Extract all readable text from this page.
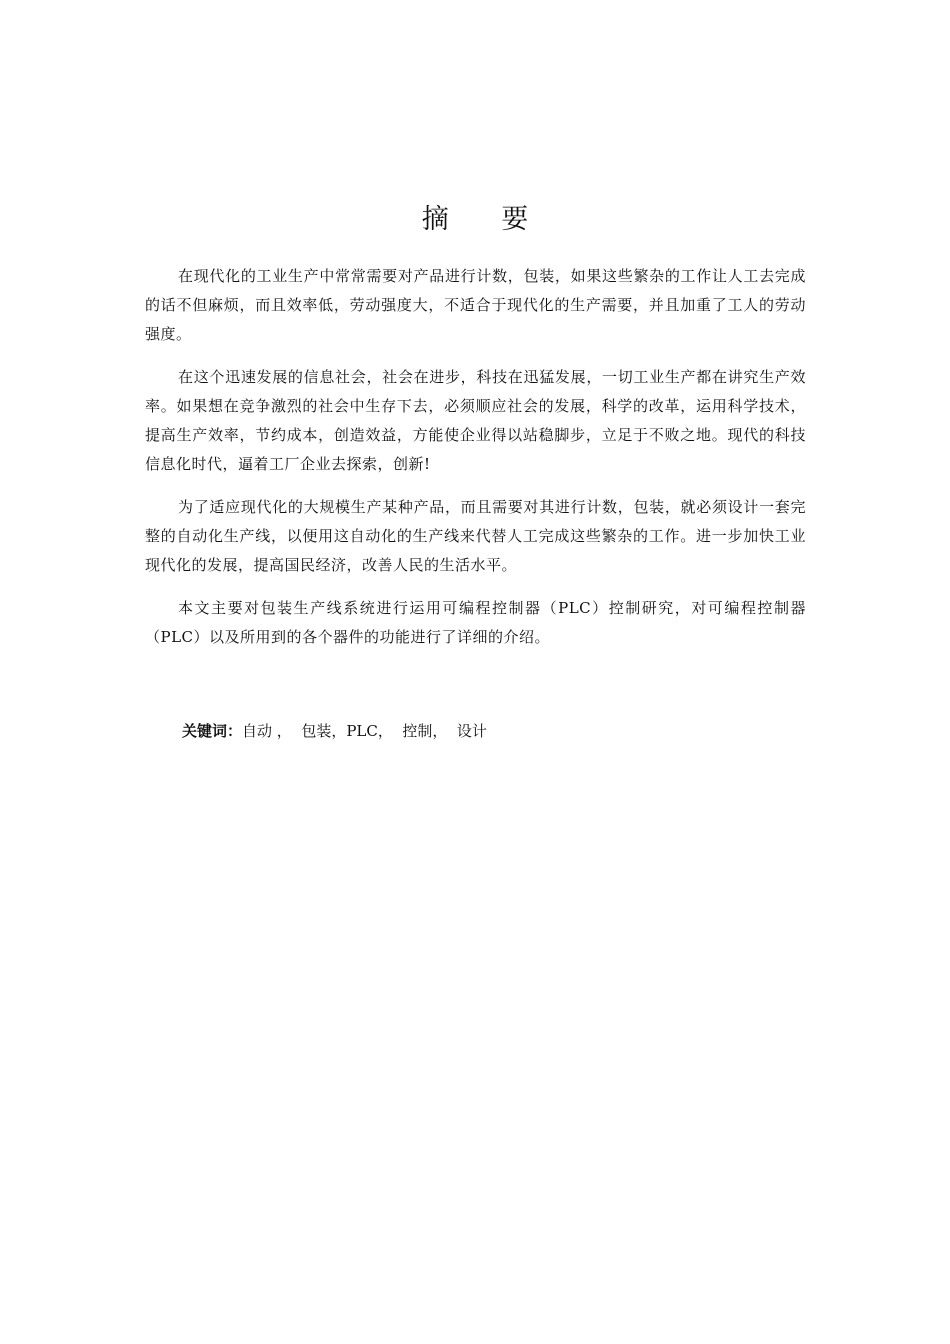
摘 要

在现代化的工业生产中常常需要对产品进行计数，包装，如果这些繁杂的工作让人工去完成的话不但麻烦，而且效率低，劳动强度大，不适合于现代化的生产需要，并且加重了工人的劳动强度。

在这个迅速发展的信息社会，社会在进步，科技在迅猛发展，一切工业生产都在讲究生产效率。如果想在竞争激烈的社会中生存下去，必须顺应社会的发展，科学的改革，运用科学技术，提高生产效率，节约成本，创造效益，方能使企业得以站稳脚步，立足于不败之地。现代的科技信息化时代，逼着工厂企业去探索，创新!

为了适应现代化的大规模生产某种产品，而且需要对其进行计数，包装，就必须设计一套完整的自动化生产线，以便用这自动化的生产线来代替人工完成这些繁杂的工作。进一步加快工业现代化的发展，提高国民经济，改善人民的生活水平。

本文主要对包装生产线系统进行运用可编程控制器（PLC）控制研究，对可编程控制器（PLC）以及所用到的各个器件的功能进行了详细的介绍。

关键词：自动 ，  包装，PLC，  控制，  设计
